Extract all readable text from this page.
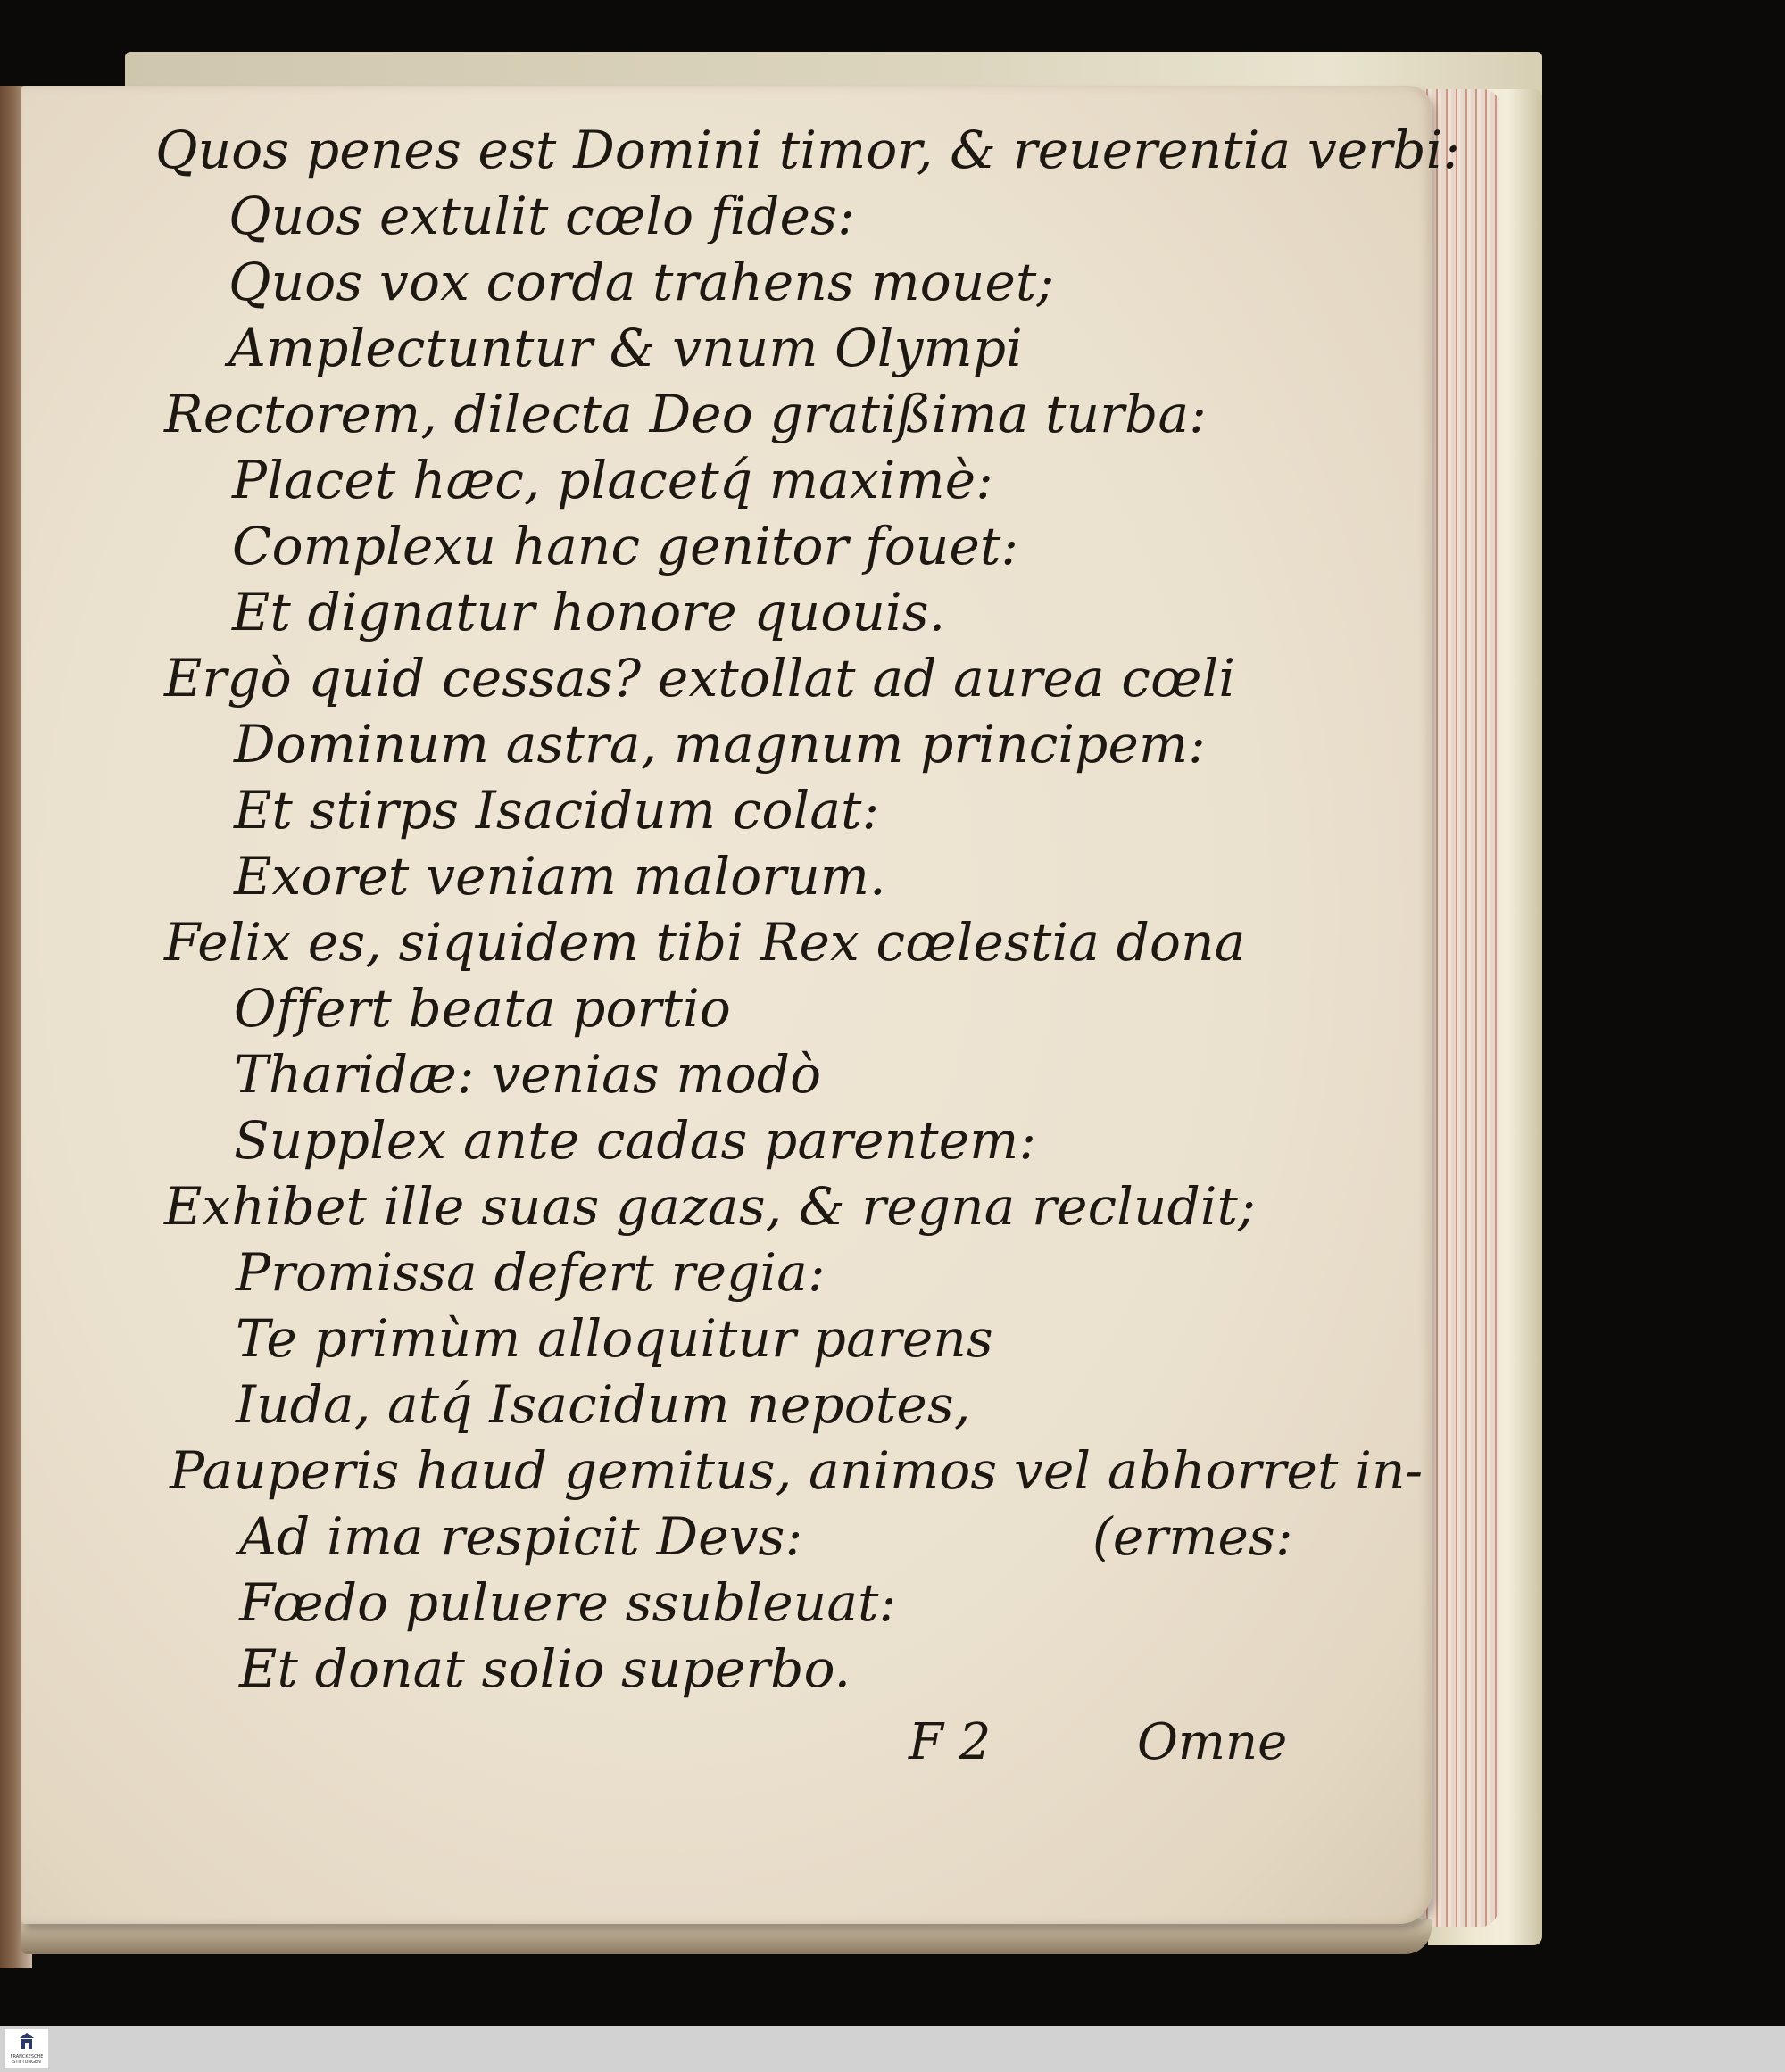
Quos penes est Domini timor, & reuerentia verbi:
Quos extulit cœlo fides:
Quos vox corda trahens mouet;
Amplectuntur & vnum Olympi
Rectorem, dilecta Deo gratißima turba:
Placet hæc, placetq́ maximè:
Complexu hanc genitor fouet:
Et dignatur honore quouis.
Ergò quid cessas? extollat ad aurea cœli
Dominum astra, magnum principem:
Et stirps Isacidum colat:
Exoret veniam malorum.
Felix es, siquidem tibi Rex cœlestia dona
Offert beata portio
Tharidæ: venias modò
Supplex ante cadas parentem:
Exhibet ille suas gazas, & regna recludit;
Promissa defert regia:
Te primùm alloquitur parens
Iuda, atq́ Isacidum nepotes,
Pauperis haud gemitus, animos vel abhorret in-
Ad ima respicit Devs:
Fœdo puluere ssubleuat:
Et donat solio superbo.
(ermes:
F 2	Omne
FRANCKESCHE STIFTUNGEN
